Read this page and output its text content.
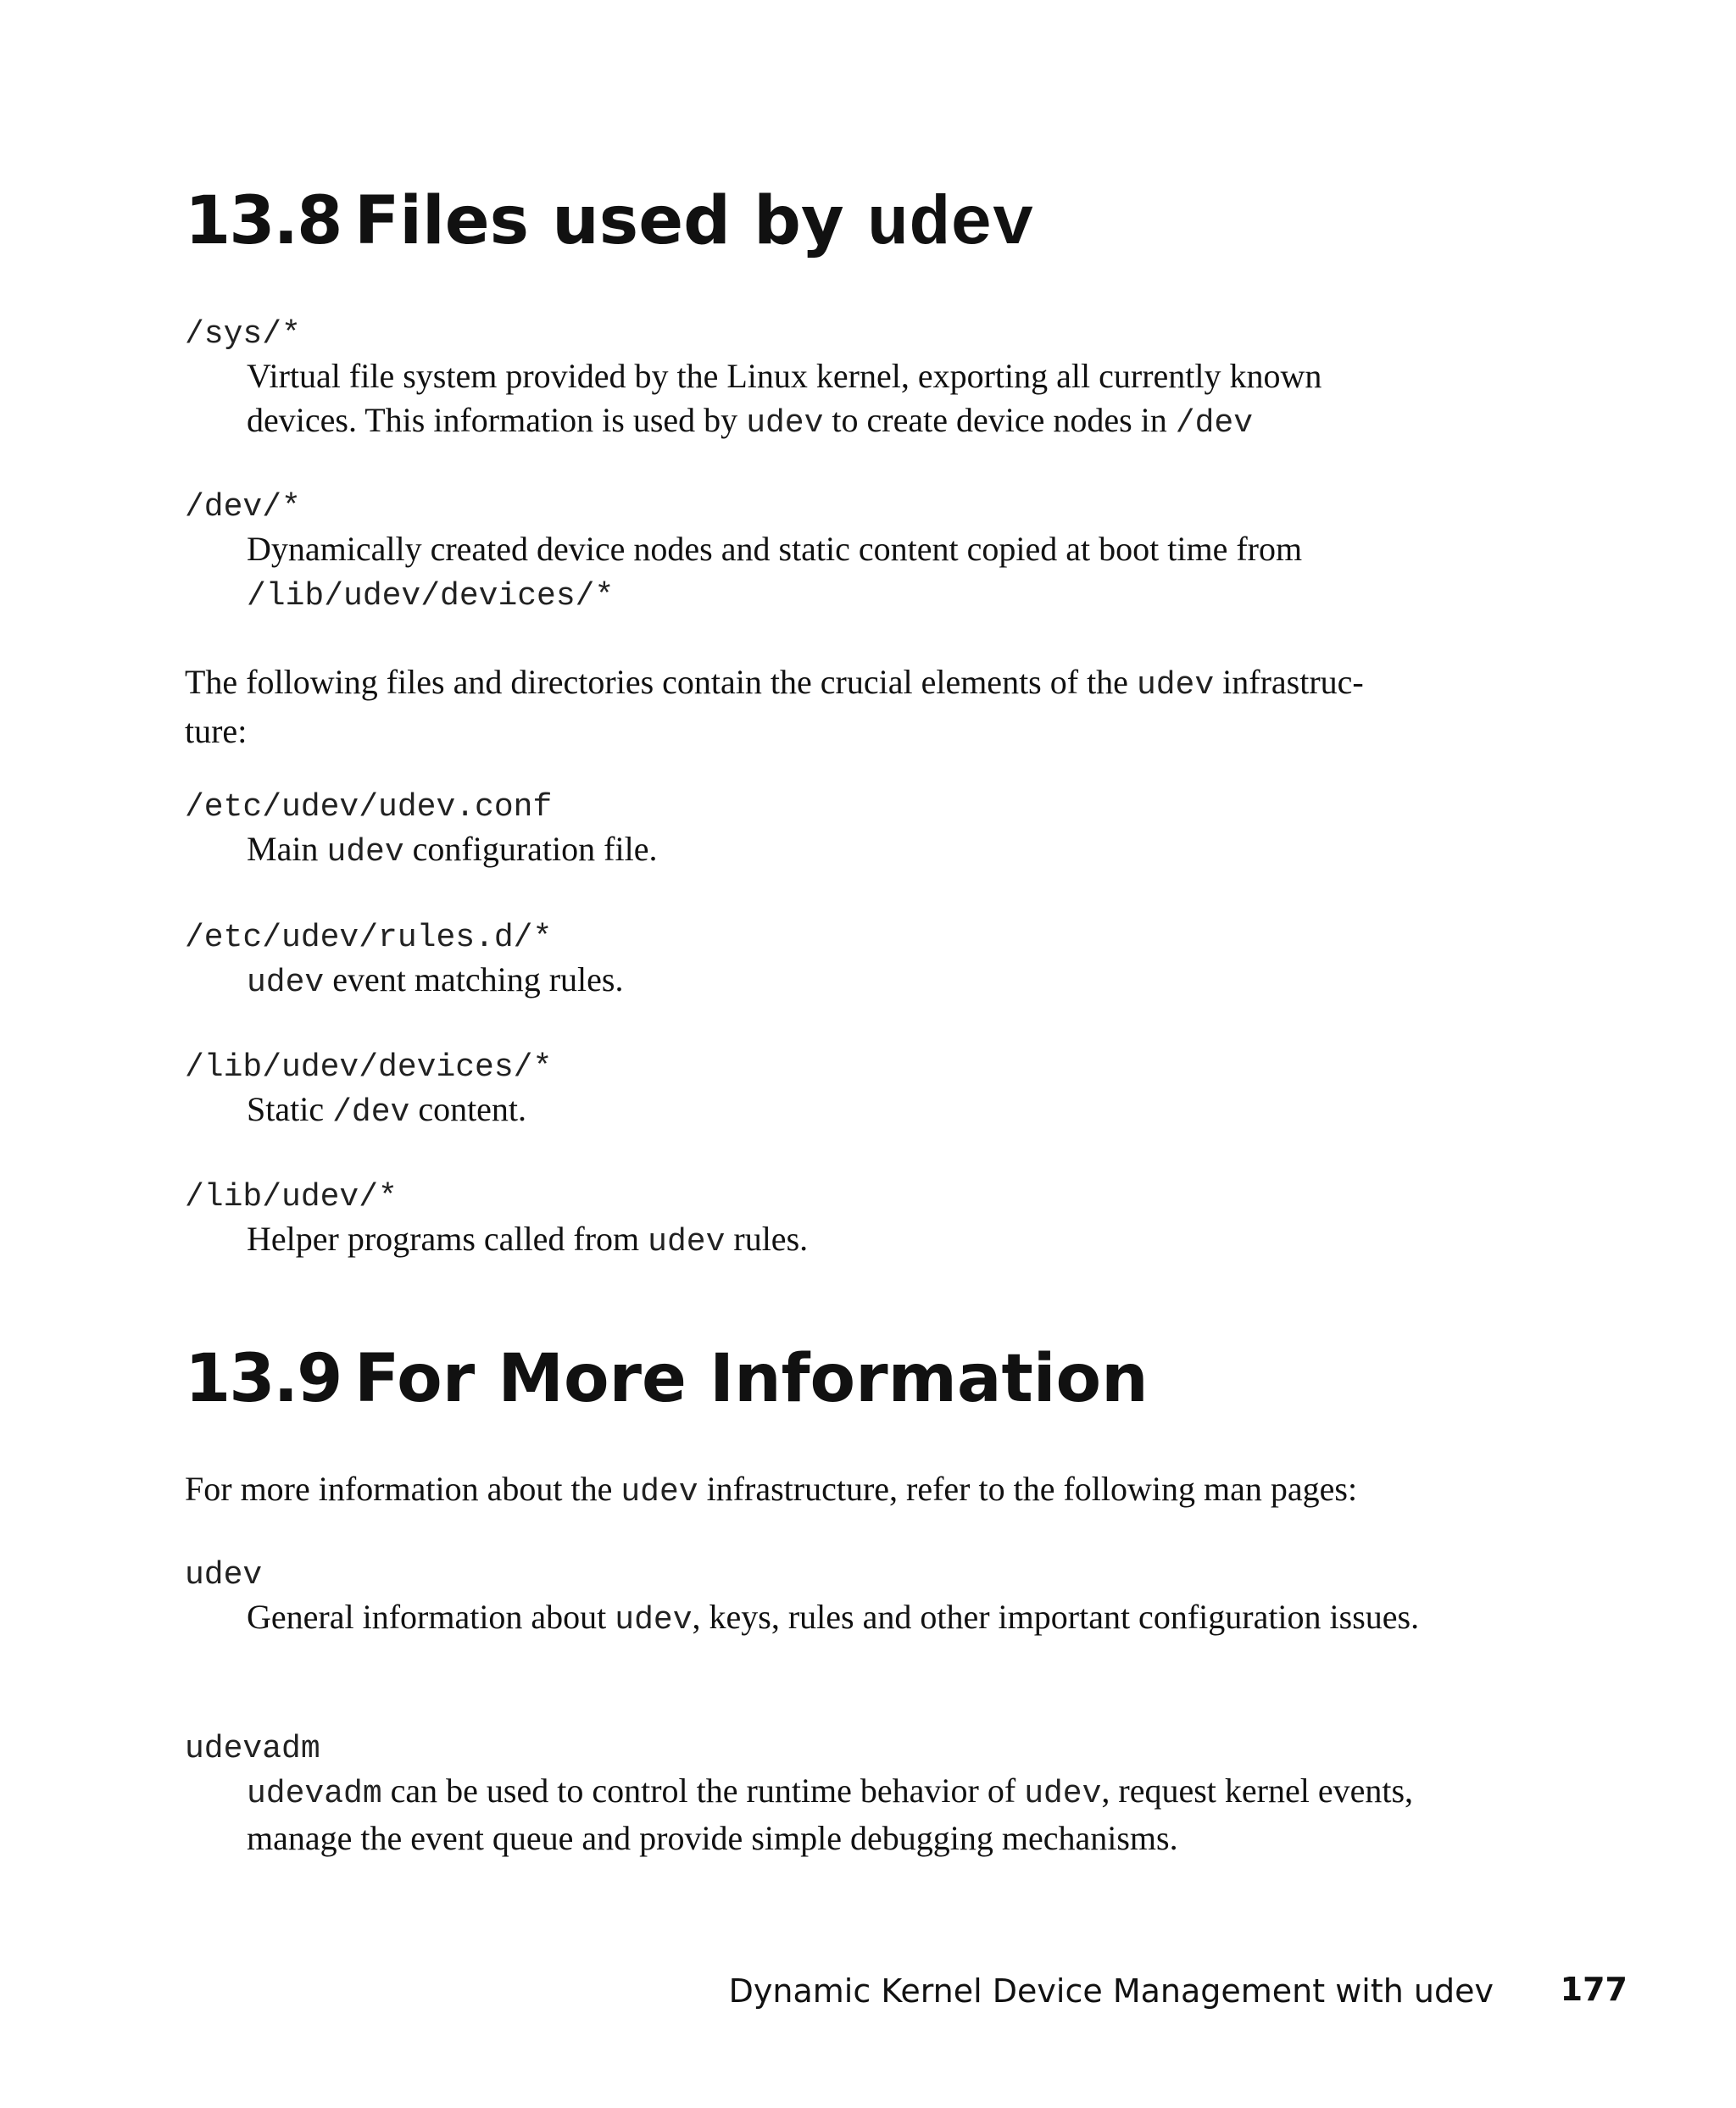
13.8 Files used by udev
/sys/*
Virtual file system provided by the Linux kernel, exporting all currently known devices. This information is used by udev to create device nodes in /dev
/dev/*
Dynamically created device nodes and static content copied at boot time from /lib/udev/devices/*
The following files and directories contain the crucial elements of the udev infrastruc-ture:
/etc/udev/udev.conf
Main udev configuration file.
/etc/udev/rules.d/*
udev event matching rules.
/lib/udev/devices/*
Static /dev content.
/lib/udev/*
Helper programs called from udev rules.
13.9 For More Information
For more information about the udev infrastructure, refer to the following man pages:
udev
General information about udev, keys, rules and other important configuration issues.
udevadm
udevadm can be used to control the runtime behavior of udev, request kernel events, manage the event queue and provide simple debugging mechanisms.
Dynamic Kernel Device Management with udev 177
